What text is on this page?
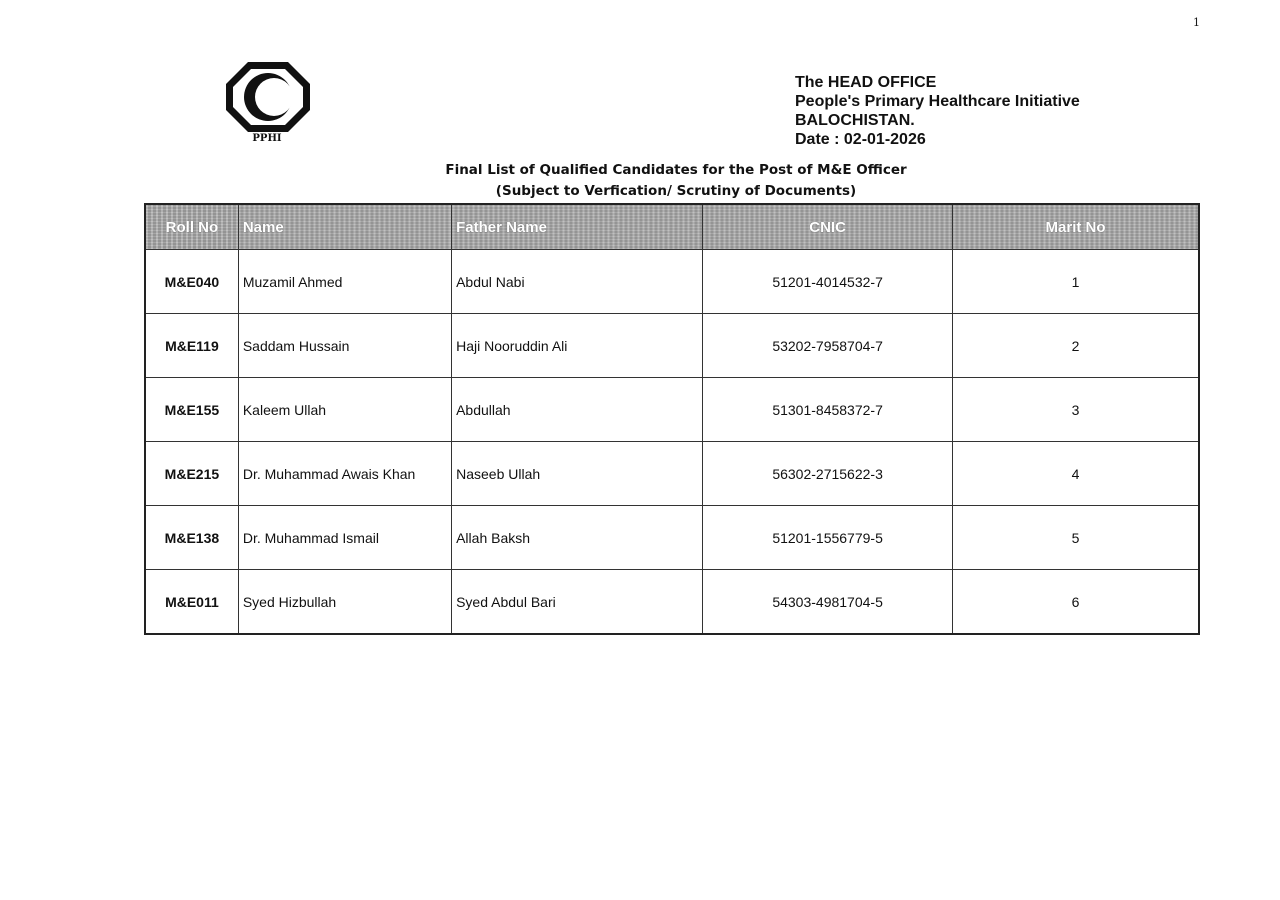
1
PPHI
The HEAD OFFICE
People's Primary Healthcare Initiative
BALOCHISTAN.
Date : 02-01-2026
Final List of Qualified Candidates for the Post of M&E Officer
(Subject to Verfication/ Scrutiny of Documents)
Roll No	Name	Father Name	CNIC	Marit No
M&E040	Muzamil Ahmed	Abdul Nabi	51201-4014532-7	1
M&E119	Saddam Hussain	Haji Nooruddin Ali	53202-7958704-7	2
M&E155	Kaleem Ullah	Abdullah	51301-8458372-7	3
M&E215	Dr. Muhammad Awais Khan	Naseeb Ullah	56302-2715622-3	4
M&E138	Dr. Muhammad Ismail	Allah Baksh	51201-1556779-5	5
M&E011	Syed Hizbullah	Syed Abdul Bari	54303-4981704-5	6
